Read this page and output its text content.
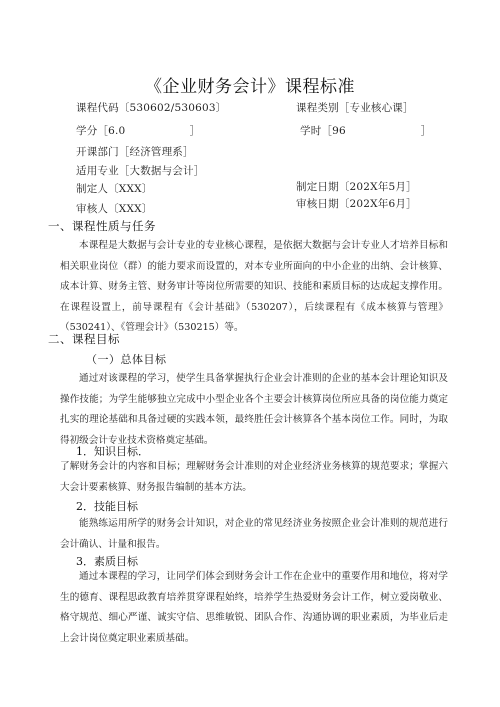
《企业财务会计》课程标准
课程代码〔530602/530603〕	课程类别［专业核心课］
学分［6.0　　　　　　］	学时［96　　　　　　　］
开课部门［经济管理系］
适用专业［大数据与会计］
制定人〔XXX〕	制定日期〔202X年5月］
审核人〔XXX〕	审核日期〔202X年6月］
一、课程性质与任务
本课程是大数据与会计专业的专业核心课程，是依据大数据与会计专业人才培养目标和相关职业岗位（群）的能力要求而设置的，对本专业所面向的中小企业的出纳、会计核算、成本计算、财务主管、财务审计等岗位所需要的知识、技能和素质目标的达成起支撑作用。在课程设置上，前导课程有《会计基础》（530207），后续课程有《成本核算与管理》（530241）、《管理会计》（530215）等。
二、课程目标
（一）总体目标
通过对该课程的学习，使学生具备掌握执行企业会计准则的企业的基本会计理论知识及操作技能；为学生能够独立完成中小型企业各个主要会计核算岗位所应具备的岗位能力奠定扎实的理论基础和具备过硬的实践本领，最终胜任会计核算各个基本岗位工作。同时，为取得初级会计专业技术资格奠定基础。
1．知识目标．
了解财务会计的内容和目标；理解财务会计准则的对企业经济业务核算的规范要求；掌握六大会计要素核算、财务报告编制的基本方法。
2．技能目标
能熟练运用所学的财务会计知识，对企业的常见经济业务按照企业会计准则的规范进行会计确认、计量和报告。
3．素质目标
通过本课程的学习，让同学们体会到财务会计工作在企业中的重要作用和地位，将对学生的德育、课程思政教育培养贯穿课程始终，培养学生热爱财务会计工作，树立爱岗敬业、格守规范、细心严谨、诚实守信、思维敏锐、团队合作、沟通协调的职业素质，为毕业后走上会计岗位奠定职业素质基础。
